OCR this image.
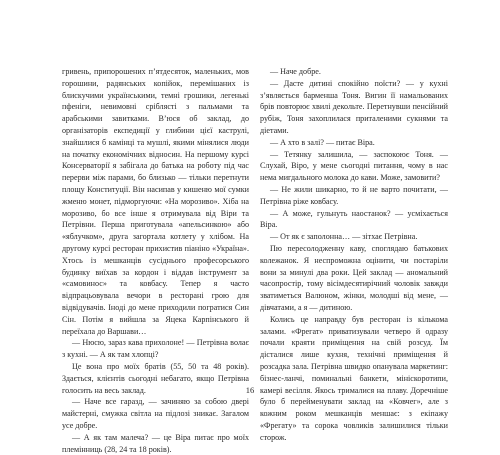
гривень, припорошених п’ятдесяток, маленьких, мов горошини, радянських копійок, перемішаних із блискучими українськими, темні грошики, легенькі пфеніги, невимовні сріблясті з пальмами та арабськими завитками. В’юся об заклад, до організаторів експедиції у глибини цієї каструлі, знайшлися б камінці та мушлі, якими мінялися люди на початку економічних відносин. На першому курсі Консерваторії я забігала до батька на роботу під час перерви між парами, бо близько — тільки перетнути площу Конституції. Він насипав у кишеню мої сумки жменю монет, підморгуючи: «На морозиво». Хіба на морозиво, бо все інше я отримувала від Віри та Петрівни. Перша приготувала «апельсинкою» або «яблучком», друга загортала котлету у хлібом. На другому курсі ресторан прихистив піаніно «Україна». Хтось із мешканців сусіднього професорського будинку виїхав за кордон і віддав інструмент за «самовинос» та ковбасу. Тепер я часто відпрацьовувала вечори в ресторані грою для відвідувачів. Іноді до мене приходили погратися Син Сін. Потім я вийшла за Яцека Карпінського й переїхала до Варшави…

— Нюсю, зараз кава прихолоне! — Петрівна волає з кухні. — А як там хлопці?

Це вона про моїх братів (55, 50 та 48 років). Здається, клієнтів сьогодні небагато, якщо Петрівна голосить на весь заклад.

— Наче все гаразд, — зачиняю за собою двері майстерні, смужка світла на підлозі зникає. Загалом усе добре.

— А як там малеча? — це Віра питає про моїх племінниць (28, 24 та 18 років).

— Наче добре.

— Дасте дитині спокійно поїсти? — у кухні з’являється барменша Тоня. Вигин її намальованих брів повторює хвилі декольте. Перетнувши пенсійний рубіж, Тоня захоплилася приталеними сукнями та діетами.

— А хто в залі? — питає Віра.

— Тетянку залишила, — заспокоює Тоня. — Слухай, Віро, у мене сьогодні питання, чому в нас нема мигдального молока до кави. Може, замовити?

— Не жили шикарно, то й не варто почитати, — Петрівна ріже ковбасу.

— А може, гульнуть наостанок? — усміхається Віра.

— От як є заполонна… — зітхає Петрівна.

Пю пересолодженну каву, споглядаю батькових колежанок. Я неспроможна оцінити, чи постаріли вони за минулі два роки. Цей заклад — аномальний часопростір, тому вісімдесятирічний чоловік завжди зватиметься Валюном, жінки, молодші від мене, — дівчатами, а я — дитиною.

Колись це направду був ресторан із кількома залами. «Фрегат» приватизували четверо й одразу почали краяти приміщення на свій розсуд. Їм дісталися лише кухня, технічні приміщення й розсадка зала. Петрівна швидко опанувала маркетинг: бізнес-ланчі, поминальні банкети, мініскоротипи, камері весілля. Якось трималися на плаву. Доречніше було б перейменувати заклад на «Ковчег», але з кожним роком мешканців меншає: з екіпажу «Фрегату» та сорока човликів залишилися тільки сторож.

16
